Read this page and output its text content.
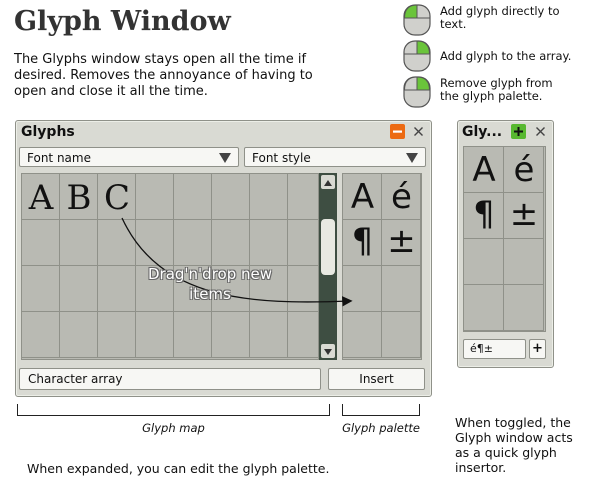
Glyph Window
The Glyphs window stays open all the time if desired. Removes the annoyance of having to open and close it all the time.
Add glyph directly to text.
Add glyph to the array.
Remove glyph from the glyph palette.
Glyphs
Font name	Font style
A B C	A é
¶ ±
Character array	Insert
Drag'n'drop new items
Glyph map	Glyph palette
When expanded, you can edit the glyph palette.
When toggled, the Glyph window acts as a quick glyph insertor.
Gly...
A é
¶ ±
é¶±	+
